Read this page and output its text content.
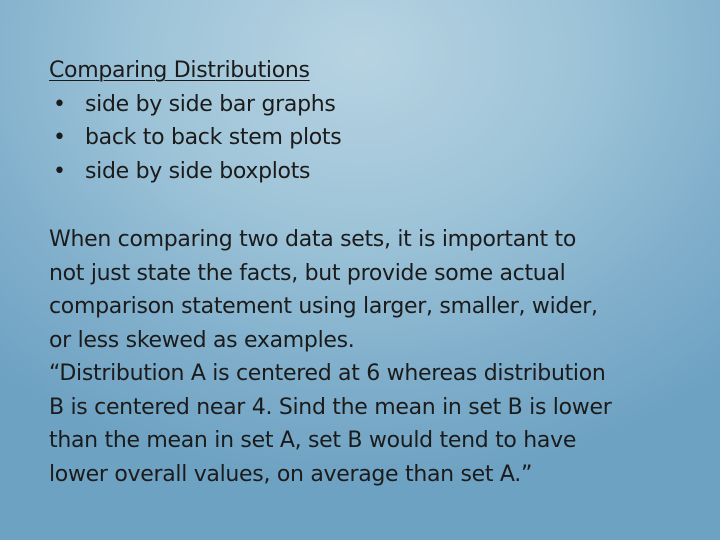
Comparing Distributions
• side by side bar graphs
• back to back stem plots
• side by side boxplots
When comparing two data sets, it is important to
not just state the facts, but provide some actual
comparison statement using larger, smaller, wider,
or less skewed as examples.
“Distribution A is centered at 6 whereas distribution
B is centered near 4. Sind the mean in set B is lower
than the mean in set A, set B would tend to have
lower overall values, on average than set A.”
